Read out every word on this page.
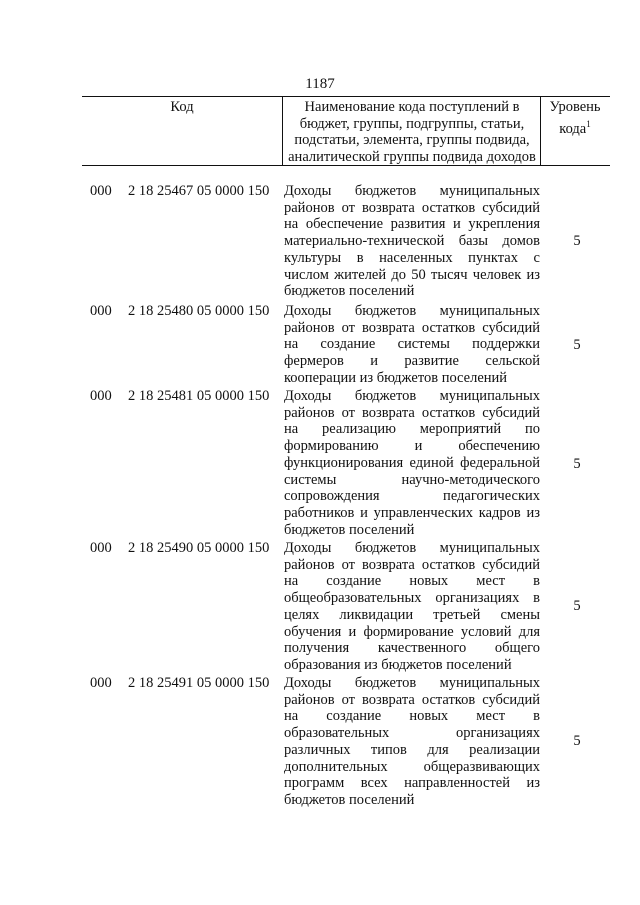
1187
Код	Наименование кода поступлений в бюджет, группы, подгруппы, статьи, подстатьи, элемента, группы подвида, аналитической группы подвида доходов
Уровень кода$^1$
000 2 18 25467 05 0000 150 Доходы бюджетов муниципальных районов от возврата остатков субсидий на обеспечение развития и укрепления материально-технической базы домов культуры в населенных пунктах с числом жителей до 50 тысяч человек из бюджетов поселений
5
000 2 18 25480 05 0000 150 Доходы бюджетов муниципальных районов от возврата остатков субсидий на создание системы поддержки фермеров и развитие сельской кооперации из бюджетов поселений
5
000 2 18 25481 05 0000 150 Доходы бюджетов муниципальных районов от возврата остатков субсидий на реализацию мероприятий по формированию и обеспечению функционирования единой федеральной системы научно-методического сопровождения педагогических работников и управленческих кадров из бюджетов поселений
5
000 2 18 25490 05 0000 150 Доходы бюджетов муниципальных районов от возврата остатков субсидий на создание новых мест в общеобразовательных организациях в целях ликвидации третьей смены обучения и формирование условий для получения качественного общего образования из бюджетов поселений
5
000 2 18 25491 05 0000 150 Доходы бюджетов муниципальных районов от возврата остатков субсидий на создание новых мест в образовательных организациях различных типов для реализации дополнительных общеразвивающих программ всех направленностей из бюджетов поселений
5
